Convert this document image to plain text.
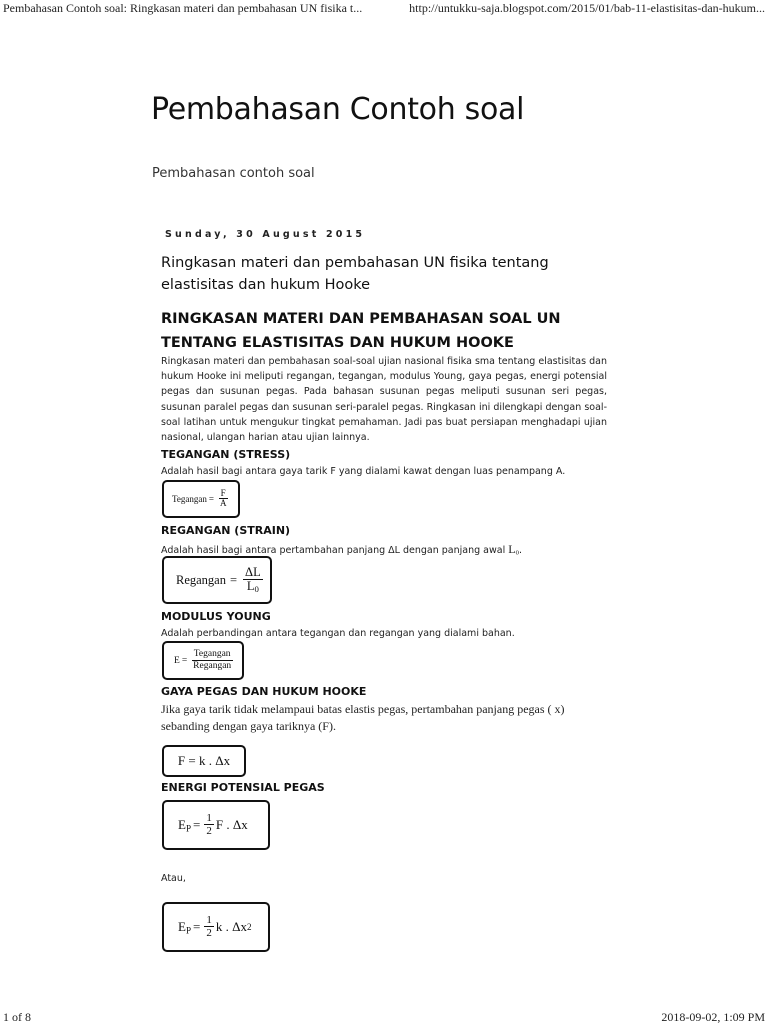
Pembahasan Contoh soal: Ringkasan materi dan pembahasan UN fisika t...	http://untukku-saja.blogspot.com/2015/01/bab-11-elastisitas-dan-hukum...
Pembahasan Contoh soal
Pembahasan contoh soal
Sunday, 30 August 2015
Ringkasan materi dan pembahasan UN fisika tentang elastisitas dan hukum Hooke
RINGKASAN MATERI DAN PEMBAHASAN SOAL UN TENTANG ELASTISITAS DAN HUKUM HOOKE
Ringkasan materi dan pembahasan soal-soal ujian nasional fisika sma tentang elastisitas dan hukum Hooke ini meliputi regangan, tegangan, modulus Young, gaya pegas, energi potensial pegas dan susunan pegas. Pada bahasan susunan pegas meliputi susunan seri pegas, susunan paralel pegas dan susunan seri-paralel pegas. Ringkasan ini dilengkapi dengan soal-soal latihan untuk mengukur tingkat pemahaman. Jadi pas buat persiapan menghadapi ujian nasional, ulangan harian atau ujian lainnya.
TEGANGAN (STRESS)
Adalah hasil bagi antara gaya tarik F yang dialami kawat dengan luas penampang A.
Tegangan = $\frac{F}{A}$
REGANGAN (STRAIN)
Adalah hasil bagi antara pertambahan panjang ΔL dengan panjang awal $L_0$.
Regangan = $\frac{\Delta L}{L_0}$
MODULUS YOUNG
Adalah perbandingan antara tegangan dan regangan yang dialami bahan.
$E = \frac{\text{Tegangan}}{\text{Regangan}}$
GAYA PEGAS DAN HUKUM HOOKE
Jika gaya tarik tidak melampaui batas elastis pegas, pertambahan panjang pegas ( x) sebanding dengan gaya tariknya (F).
F = k . Δx
ENERGI POTENSIAL PEGAS
$E_P = \frac{1}{2}$ F . Δx
Atau,
$E_P = \frac{1}{2}$ k . Δx 2
1 of 8	2018-09-02, 1:09 PM
